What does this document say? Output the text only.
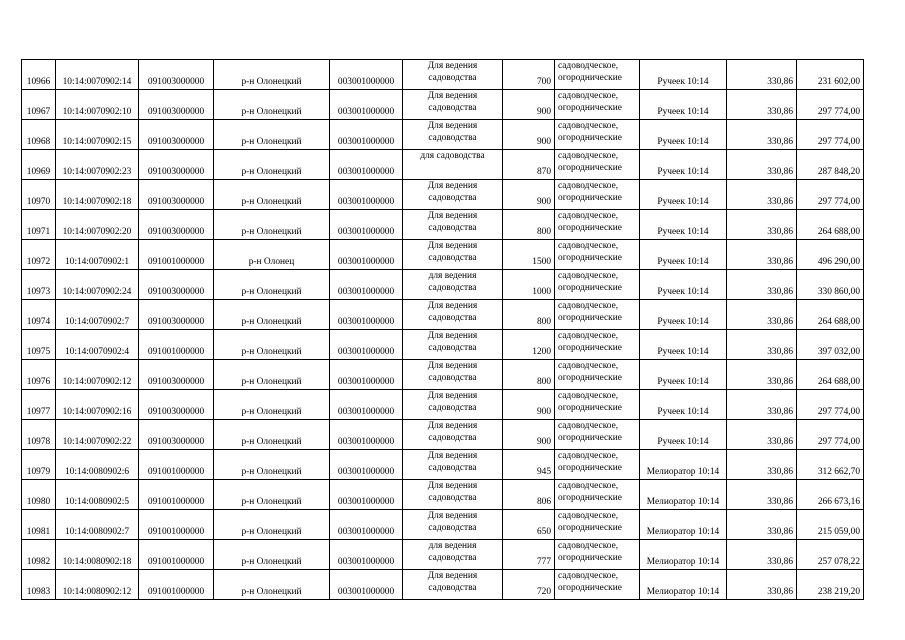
10966	10:14:0070902:14	091003000000	р-н Олонецкий	003001000000	Для ведения садоводства	700	садоводческое, огороднические	Ручеек 10:14	330,86	231 602,00
10967	10:14:0070902:10	091003000000	р-н Олонецкий	003001000000	Для ведения садоводства	900	садоводческое, огороднические	Ручеек 10:14	330,86	297 774,00
10968	10:14:0070902:15	091003000000	р-н Олонецкий	003001000000	Для ведения садоводства	900	садоводческое, огороднические	Ручеек 10:14	330,86	297 774,00
10969	10:14:0070902:23	091003000000	р-н Олонецкий	003001000000	для садоводства	870	садоводческое, огороднические	Ручеек 10:14	330,86	287 848,20
10970	10:14:0070902:18	091003000000	р-н Олонецкий	003001000000	Для ведения садоводства	900	садоводческое, огороднические	Ручеек 10:14	330,86	297 774,00
10971	10:14:0070902:20	091003000000	р-н Олонецкий	003001000000	Для ведения садоводства	800	садоводческое, огороднические	Ручеек 10:14	330,86	264 688,00
10972	10:14:0070902:1	091001000000	р-н Олонец	003001000000	Для ведения садоводства	1500	садоводческое, огороднические	Ручеек 10:14	330,86	496 290,00
10973	10:14:0070902:24	091003000000	р-н Олонецкий	003001000000	для ведения садоводства	1000	садоводческое, огороднические	Ручеек 10:14	330,86	330 860,00
10974	10:14:0070902:7	091003000000	р-н Олонецкий	003001000000	Для ведения садоводства	800	садоводческое, огороднические	Ручеек 10:14	330,86	264 688,00
10975	10:14:0070902:4	091001000000	р-н Олонецкий	003001000000	Для ведения садоводства	1200	садоводческое, огороднические	Ручеек 10:14	330,86	397 032,00
10976	10:14:0070902:12	091003000000	р-н Олонецкий	003001000000	Для ведения садоводства	800	садоводческое, огороднические	Ручеек 10:14	330,86	264 688,00
10977	10:14:0070902:16	091003000000	р-н Олонецкий	003001000000	Для ведения садоводства	900	садоводческое, огороднические	Ручеек 10:14	330,86	297 774,00
10978	10:14:0070902:22	091003000000	р-н Олонецкий	003001000000	Для ведения садоводства	900	садоводческое, огороднические	Ручеек 10:14	330,86	297 774,00
10979	10:14:0080902:6	091001000000	р-н Олонецкий	003001000000	Для ведения садоводства	945	садоводческое, огороднические	Мелиоратор 10:14	330,86	312 662,70
10980	10:14:0080902:5	091001000000	р-н Олонецкий	003001000000	Для ведения садоводства	806	садоводческое, огороднические	Мелиоратор 10:14	330,86	266 673,16
10981	10:14:0080902:7	091001000000	р-н Олонецкий	003001000000	Для ведения садоводства	650	садоводческое, огороднические	Мелиоратор 10:14	330,86	215 059,00
10982	10:14:0080902:18	091001000000	р-н Олонецкий	003001000000	для ведения садоводства	777	садоводческое, огороднические	Мелиоратор 10:14	330,86	257 078,22
10983	10:14:0080902:12	091001000000	р-н Олонецкий	003001000000	Для ведения садоводства	720	садоводческое, огороднические	Мелиоратор 10:14	330,86	238 219,20
